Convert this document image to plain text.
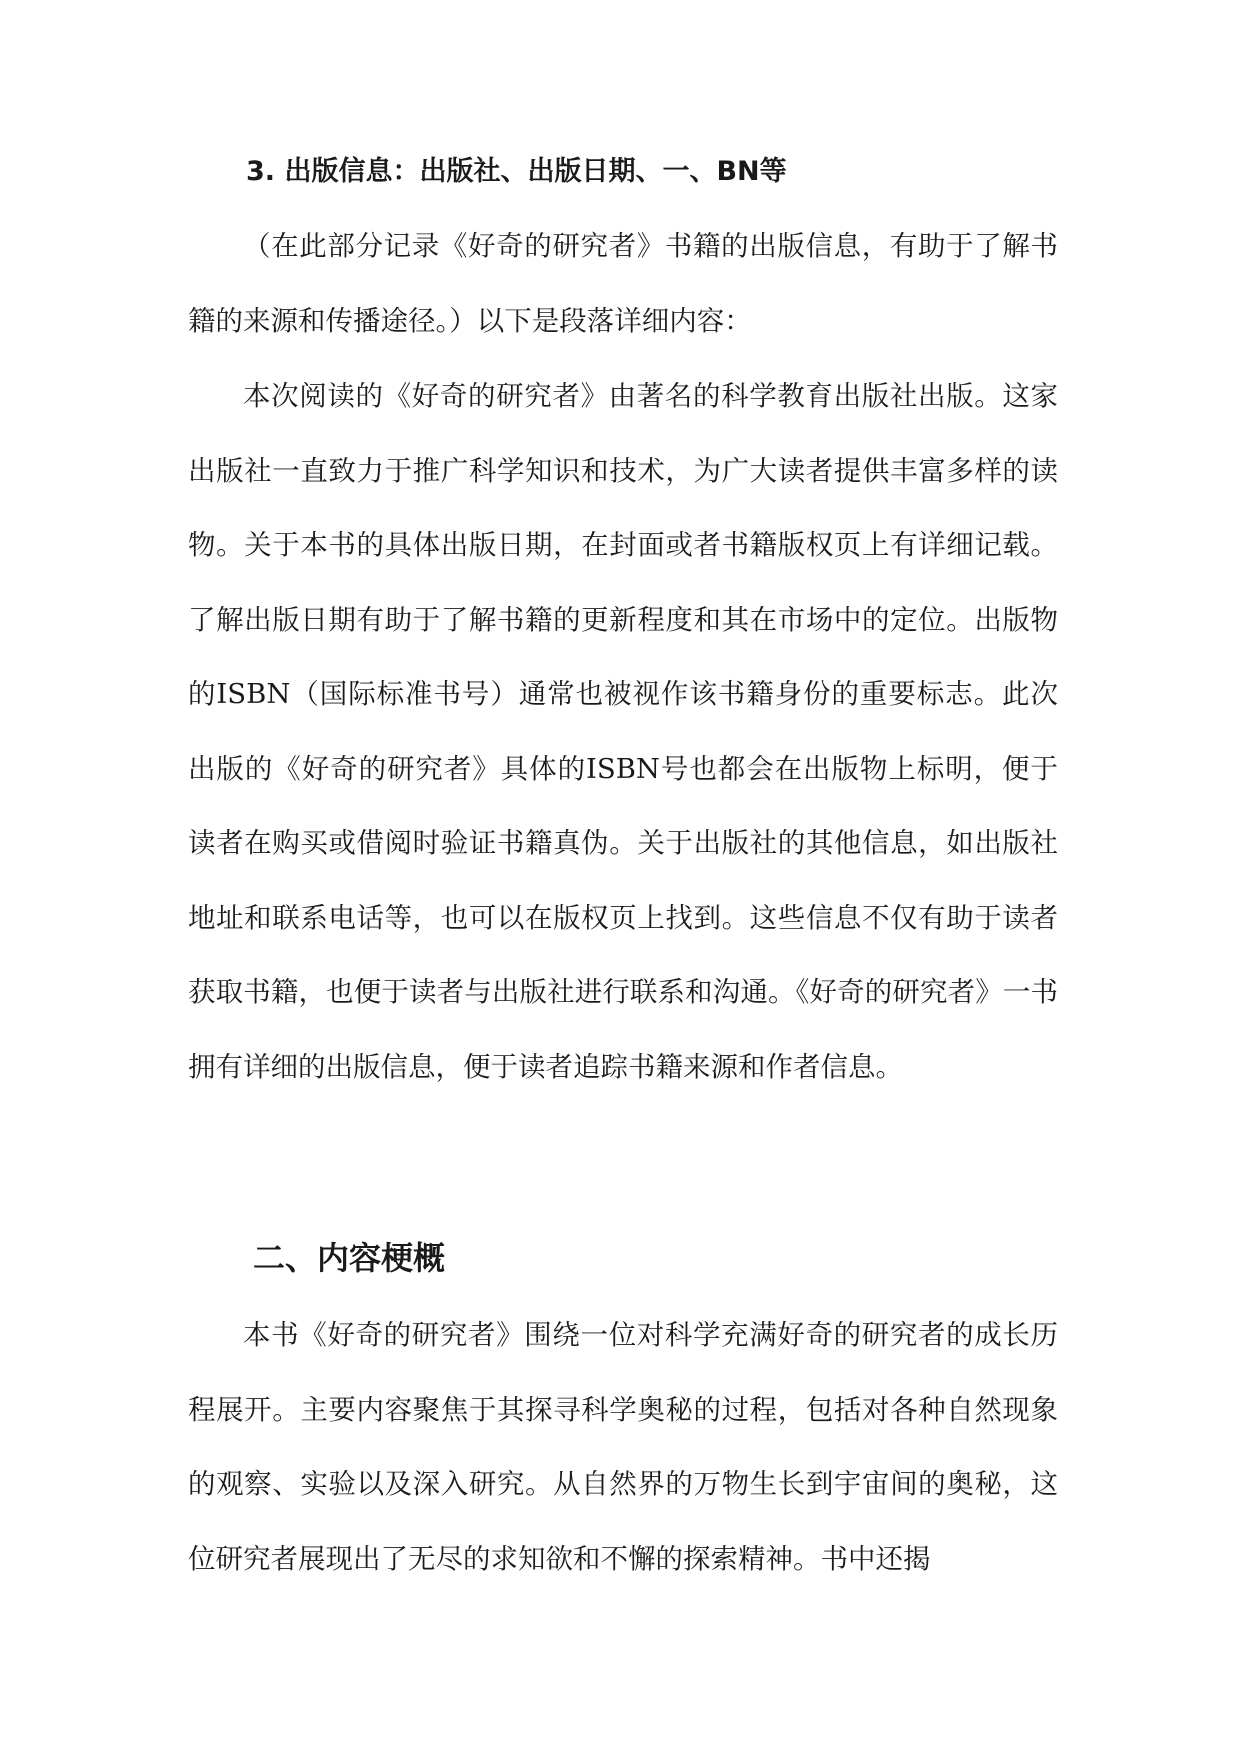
3. 出版信息：出版社、出版日期、一、BN等

（在此部分记录《好奇的研究者》书籍的出版信息，有助于了解书籍的来源和传播途径。）以下是段落详细内容：

本次阅读的《好奇的研究者》由著名的科学教育出版社出版。这家出版社一直致力于推广科学知识和技术，为广大读者提供丰富多样的读物。关于本书的具体出版日期，在封面或者书籍版权页上有详细记载。了解出版日期有助于了解书籍的更新程度和其在市场中的定位。出版物的ISBN（国际标准书号）通常也被视作该书籍身份的重要标志。此次出版的《好奇的研究者》具体的ISBN号也都会在出版物上标明，便于读者在购买或借阅时验证书籍真伪。关于出版社的其他信息，如出版社地址和联系电话等，也可以在版权页上找到。这些信息不仅有助于读者获取书籍，也便于读者与出版社进行联系和沟通。《好奇的研究者》一书拥有详细的出版信息，便于读者追踪书籍来源和作者信息。

二、内容梗概

本书《好奇的研究者》围绕一位对科学充满好奇的研究者的成长历程展开。主要内容聚焦于其探寻科学奥秘的过程，包括对各种自然现象的观察、实验以及深入研究。从自然界的万物生长到宇宙间的奥秘，这位研究者展现出了无尽的求知欲和不懈的探索精神。书中还揭
